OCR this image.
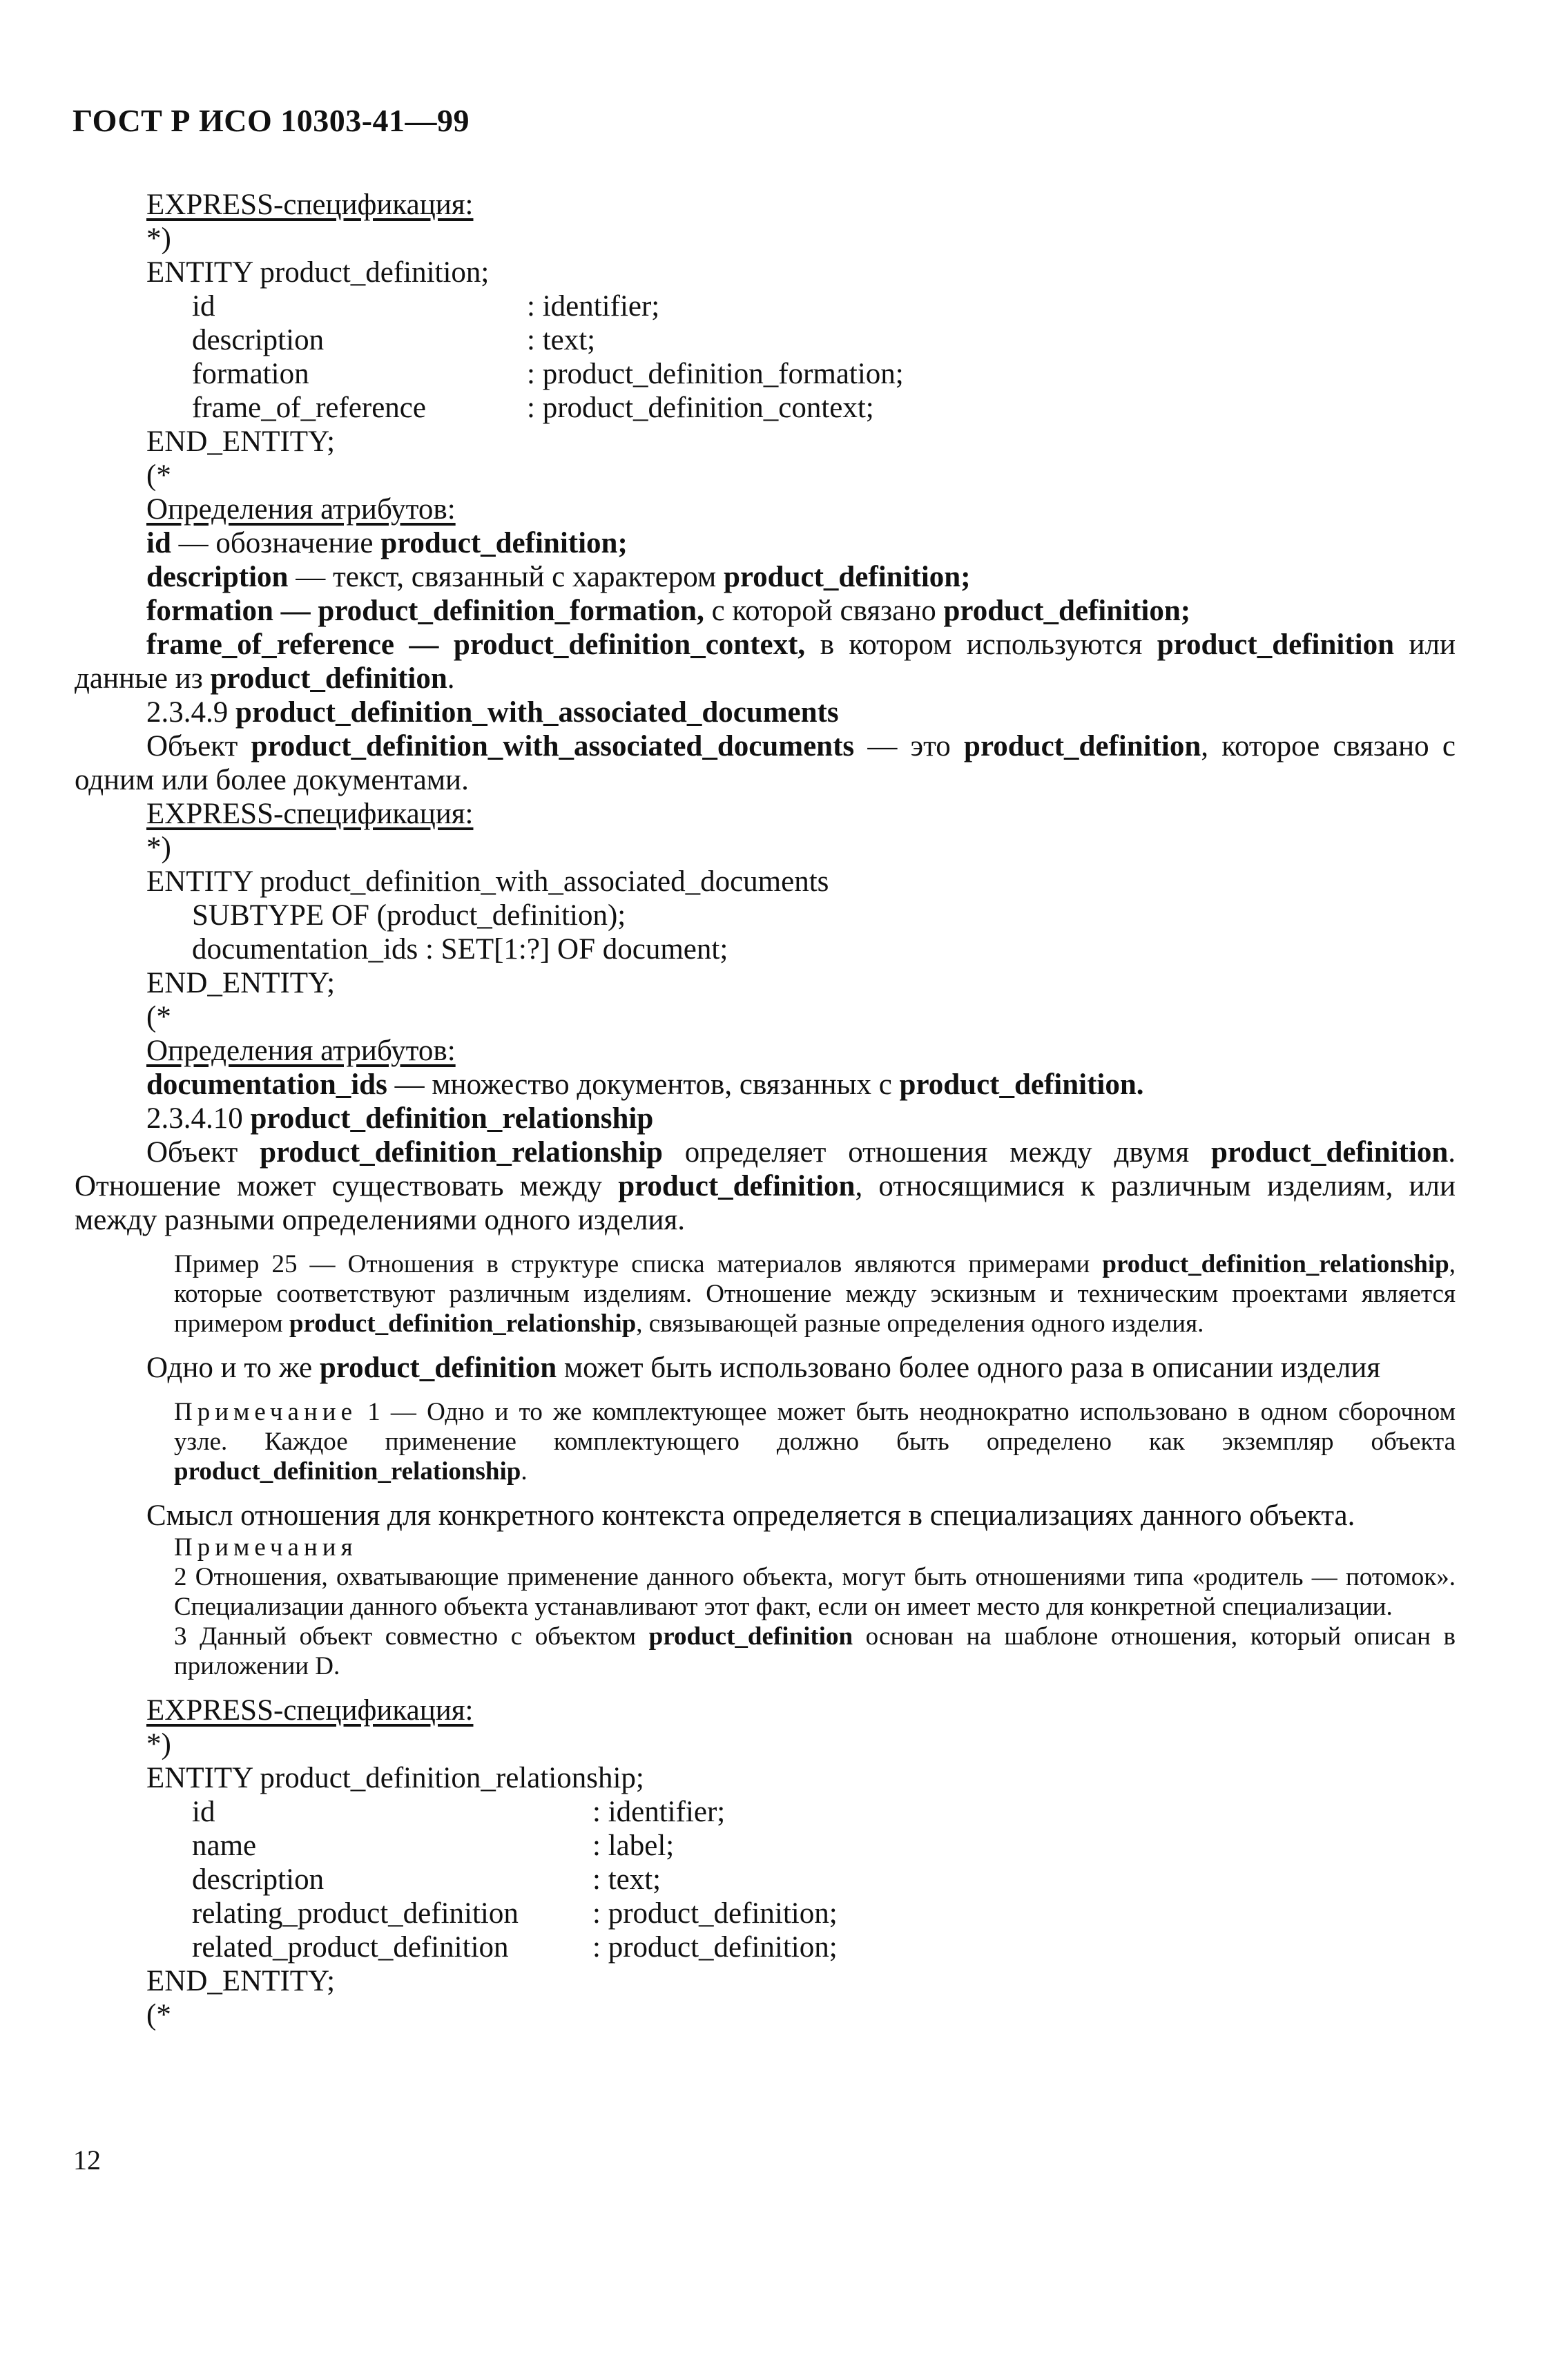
ГОСТ Р ИСО 10303-41—99

EXPRESS-спецификация:

*)

ENTITY product_definition;

id	: identifier;
description	: text;
formation	: product_definition_formation;
frame_of_reference	: product_definition_context;

END_ENTITY;

(*

Определения атрибутов:

id — обозначение product_definition;

description — текст, связанный с характером product_definition;

formation — product_definition_formation, с которой связано product_definition;

frame_of_reference — product_definition_context, в котором используются product_definition или данные из product_definition.

2.3.4.9 product_definition_with_associated_documents

Объект product_definition_with_associated_documents — это product_definition, которое связано с одним или более документами.

EXPRESS-спецификация:

*)

ENTITY product_definition_with_associated_documents

SUBTYPE OF (product_definition);

documentation_ids : SET[1:?] OF document;

END_ENTITY;

(*

Определения атрибутов:

documentation_ids — множество документов, связанных с product_definition.

2.3.4.10 product_definition_relationship

Объект product_definition_relationship определяет отношения между двумя product_definition. Отношение может существовать между product_definition, относящимися к различным изделиям, или между разными определениями одного изделия.

Пример 25 — Отношения в структуре списка материалов являются примерами product_definition_relationship, которые соответствуют различным изделиям. Отношение между эскизным и техническим проектами является примером product_definition_relationship, связывающей разные определения одного изделия.

Одно и то же product_definition может быть использовано более одного раза в описании изделия

Примечание 1 — Одно и то же комплектующее может быть неоднократно использовано в одном сборочном узле. Каждое применение комплектующего должно быть определено как экземпляр объекта product_definition_relationship.

Смысл отношения для конкретного контекста определяется в специализациях данного объекта.

Примечания

2 Отношения, охватывающие применение данного объекта, могут быть отношениями типа «родитель — потомок». Специализации данного объекта устанавливают этот факт, если он имеет место для конкретной специализации.

3 Данный объект совместно с объектом product_definition основан на шаблоне отношения, который описан в приложении D.

EXPRESS-спецификация:

*)

ENTITY product_definition_relationship;

id	: identifier;
name	: label;
description	: text;
relating_product_definition	: product_definition;
related_product_definition	: product_definition;

END_ENTITY;

(*

12
